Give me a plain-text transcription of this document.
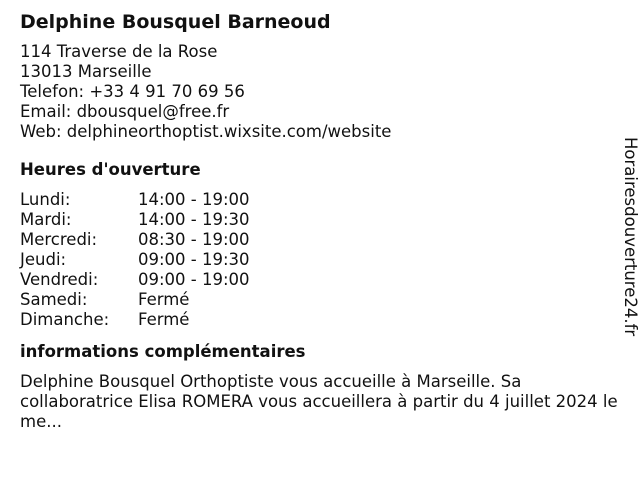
Delphine Bousquel Barneoud
114 Traverse de la Rose
13013 Marseille
Telefon: +33 4 91 70 69 56
Email: dbousquel@free.fr
Web: delphineorthoptist.wixsite.com/website
Heures d'ouverture
Lundi:	14:00 - 19:00
Mardi:	14:00 - 19:30
Mercredi:	08:30 - 19:00
Jeudi:	09:00 - 19:30
Vendredi:	09:00 - 19:00
Samedi:	Fermé
Dimanche:	Fermé
informations complémentaires
Delphine Bousquel Orthoptiste vous accueille à Marseille. Sa collaboratrice Elisa ROMERA vous accueillera à partir du 4 juillet 2024 le me...
Horairesdouverture24.fr
